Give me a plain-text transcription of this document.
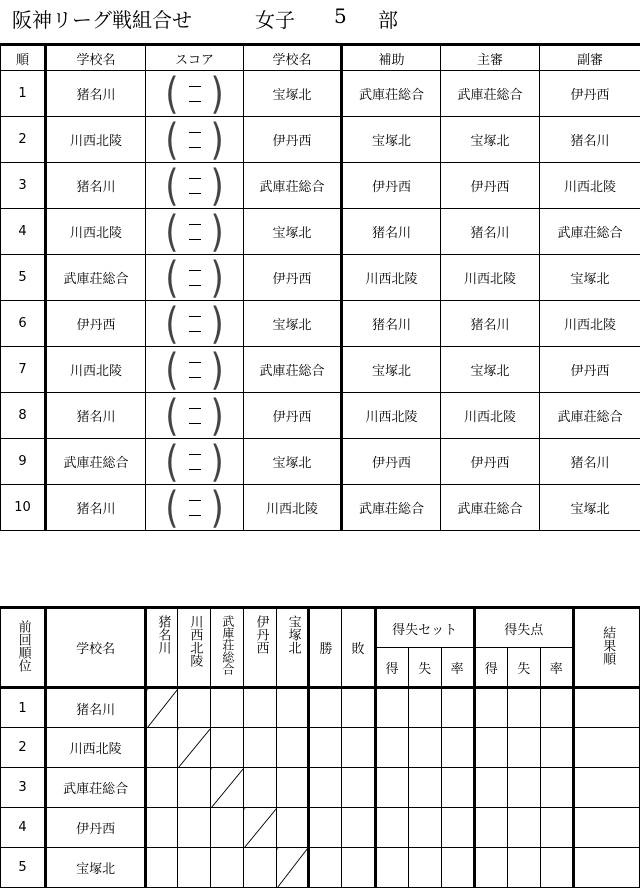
阪神リーグ戦組合せ	女子 5 部
順	学校名	スコア	学校名	補助	主審	副審
1	猪名川	( )	宝塚北	武庫荘総合	武庫荘総合	伊丹西
2	川西北陵	( )	伊丹西	宝塚北	宝塚北	猪名川
3	猪名川	( )	武庫荘総合	伊丹西	伊丹西	川西北陵
4	川西北陵	( )	宝塚北	猪名川	猪名川	武庫荘総合
5	武庫荘総合	( )	伊丹西	川西北陵	川西北陵	宝塚北
6	伊丹西	( )	宝塚北	猪名川	猪名川	川西北陵
7	川西北陵	( )	武庫荘総合	宝塚北	宝塚北	伊丹西
8	猪名川	( )	伊丹西	川西北陵	川西北陵	武庫荘総合
9	武庫荘総合	( )	宝塚北	伊丹西	伊丹西	猪名川
10	猪名川	( )	川西北陵	武庫荘総合	武庫荘総合	宝塚北
前回順位	学校名	猪名川	川西北陵	武庫荘総合	伊丹西	宝塚北	勝	敗	得失セット			得失点			結果順
									得	失	率	得	失	率	
1	猪名川														
2	川西北陵														
3	武庫荘総合														
4	伊丹西														
5	宝塚北														
